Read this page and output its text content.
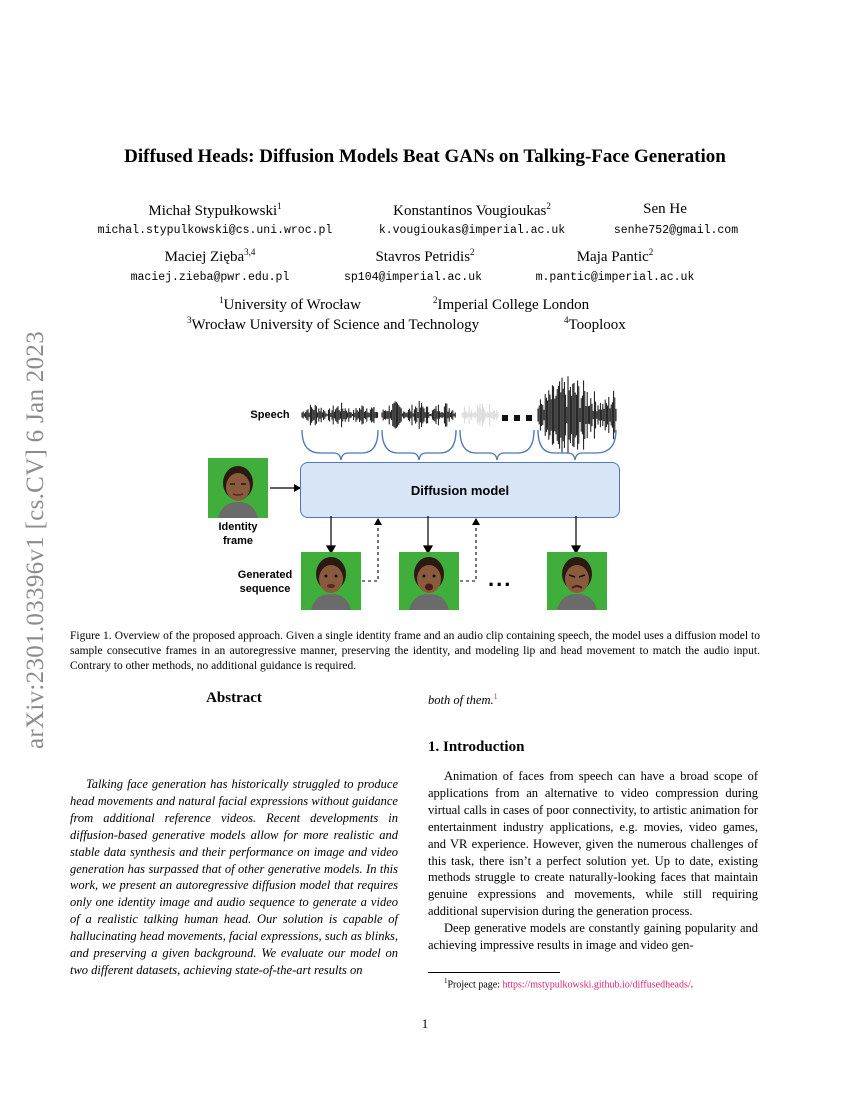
arXiv:2301.03396v1 [cs.CV] 6 Jan 2023
Diffused Heads: Diffusion Models Beat GANs on Talking-Face Generation
Michał Stypułkowski$^1$
michal.stypulkowski@cs.uni.wroc.pl
Konstantinos Vougioukas$^2$
k.vougioukas@imperial.ac.uk
Sen He
senhe752@gmail.com
Maciej Zięba$^{3,4}$
maciej.zieba@pwr.edu.pl
Stavros Petridis$^2$
sp104@imperial.ac.uk
Maja Pantic$^2$
m.pantic@imperial.ac.uk
$^1$University of Wrocław	$^2$Imperial College London
$^3$Wrocław University of Science and Technology	$^4$Tooploox
Speech
Identity
frame
Diffusion model
Generated
sequence	...
Figure 1. Overview of the proposed approach. Given a single identity frame and an audio clip containing speech, the model uses a diffusion model to sample consecutive frames in an autoregressive manner, preserving the identity, and modeling lip and head movement to match the audio input. Contrary to other methods, no additional guidance is required.
Abstract
Talking face generation has historically struggled to produce head movements and natural facial expressions without guidance from additional reference videos. Recent developments in diffusion-based generative models allow for more realistic and stable data synthesis and their performance on image and video generation has surpassed that of other generative models. In this work, we present an autoregressive diffusion model that requires only one identity image and audio sequence to generate a video of a realistic talking human head. Our solution is capable of hallucinating head movements, facial expressions, such as blinks, and preserving a given background. We evaluate our model on two different datasets, achieving state-of-the-art results on
both of them.$^1$
1. Introduction

Animation of faces from speech can have a broad scope of applications from an alternative to video compression during virtual calls in cases of poor connectivity, to artistic animation for entertainment industry applications, e.g. movies, video games, and VR experience. However, given the numerous challenges of this task, there isn’t a perfect solution yet. Up to date, existing methods struggle to create naturally-looking faces that maintain genuine expressions and movements, while still requiring additional supervision during the generation process.

Deep generative models are constantly gaining popularity and achieving impressive results in image and video gen-

$^1$Project page: https://mstypulkowski.github.io/diffusedheads/.
1
